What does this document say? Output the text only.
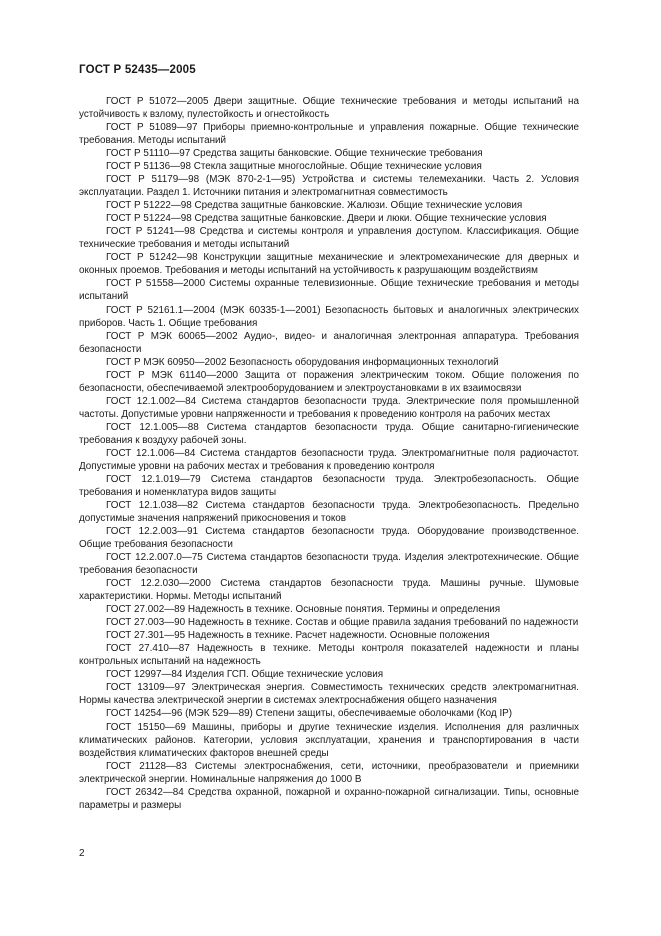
ГОСТ Р 52435—2005

ГОСТ Р 51072—2005 Двери защитные. Общие технические требования и методы испытаний на устойчивость к взлому, пулестойкость и огнестойкость

ГОСТ Р 51089—97 Приборы приемно-контрольные и управления пожарные. Общие технические требования. Методы испытаний

ГОСТ Р 51110—97 Средства защиты банковские. Общие технические требования

ГОСТ Р 51136—98 Стекла защитные многослойные. Общие технические условия

ГОСТ Р 51179—98 (МЭК 870-2-1—95) Устройства и системы телемеханики. Часть 2. Условия эксплуатации. Раздел 1. Источники питания и электромагнитная совместимость

ГОСТ Р 51222—98 Средства защитные банковские. Жалюзи. Общие технические условия

ГОСТ Р 51224—98 Средства защитные банковские. Двери и люки. Общие технические условия

ГОСТ Р 51241—98 Средства и системы контроля и управления доступом. Классификация. Общие технические требования и методы испытаний

ГОСТ Р 51242—98 Конструкции защитные механические и электромеханические для дверных и оконных проемов. Требования и методы испытаний на устойчивость к разрушающим воздействиям

ГОСТ Р 51558—2000 Системы охранные телевизионные. Общие технические требования и методы испытаний

ГОСТ Р 52161.1—2004 (МЭК 60335-1—2001) Безопасность бытовых и аналогичных электрических приборов. Часть 1. Общие требования

ГОСТ Р МЭК 60065—2002 Аудио-, видео- и аналогичная электронная аппаратура. Требования безопасности

ГОСТ Р МЭК 60950—2002 Безопасность оборудования информационных технологий

ГОСТ Р МЭК 61140—2000 Защита от поражения электрическим током. Общие положения по безопасности, обеспечиваемой электрооборудованием и электроустановками в их взаимосвязи

ГОСТ 12.1.002—84 Система стандартов безопасности труда. Электрические поля промышленной частоты. Допустимые уровни напряженности и требования к проведению контроля на рабочих местах

ГОСТ 12.1.005—88 Система стандартов безопасности труда. Общие санитарно-гигиенические требования к воздуху рабочей зоны.

ГОСТ 12.1.006—84 Система стандартов безопасности труда. Электромагнитные поля радиочастот. Допустимые уровни на рабочих местах и требования к проведению контроля

ГОСТ 12.1.019—79 Система стандартов безопасности труда. Электробезопасность. Общие требования и номенклатура видов защиты

ГОСТ 12.1.038—82 Система стандартов безопасности труда. Электробезопасность. Предельно допустимые значения напряжений прикосновения и токов

ГОСТ 12.2.003—91 Система стандартов безопасности труда. Оборудование производственное. Общие требования безопасности

ГОСТ 12.2.007.0—75 Система стандартов безопасности труда. Изделия электротехнические. Общие требования безопасности

ГОСТ 12.2.030—2000 Система стандартов безопасности труда. Машины ручные. Шумовые характеристики. Нормы. Методы испытаний

ГОСТ 27.002—89 Надежность в технике. Основные понятия. Термины и определения

ГОСТ 27.003—90 Надежность в технике. Состав и общие правила задания требований по надежности

ГОСТ 27.301—95 Надежность в технике. Расчет надежности. Основные положения

ГОСТ 27.410—87 Надежность в технике. Методы контроля показателей надежности и планы контрольных испытаний на надежность

ГОСТ 12997—84 Изделия ГСП. Общие технические условия

ГОСТ 13109—97 Электрическая энергия. Совместимость технических средств электромагнитная. Нормы качества электрической энергии в системах электроснабжения общего назначения

ГОСТ 14254—96 (МЭК 529—89) Степени защиты, обеспечиваемые оболочками (Код IP)

ГОСТ 15150—69 Машины, приборы и другие технические изделия. Исполнения для различных климатических районов. Категории, условия эксплуатации, хранения и транспортирования в части воздействия климатических факторов внешней среды

ГОСТ 21128—83 Системы электроснабжения, сети, источники, преобразователи и приемники электрической энергии. Номинальные напряжения до 1000 В

ГОСТ 26342—84 Средства охранной, пожарной и охранно-пожарной сигнализации. Типы, основные параметры и размеры

2
